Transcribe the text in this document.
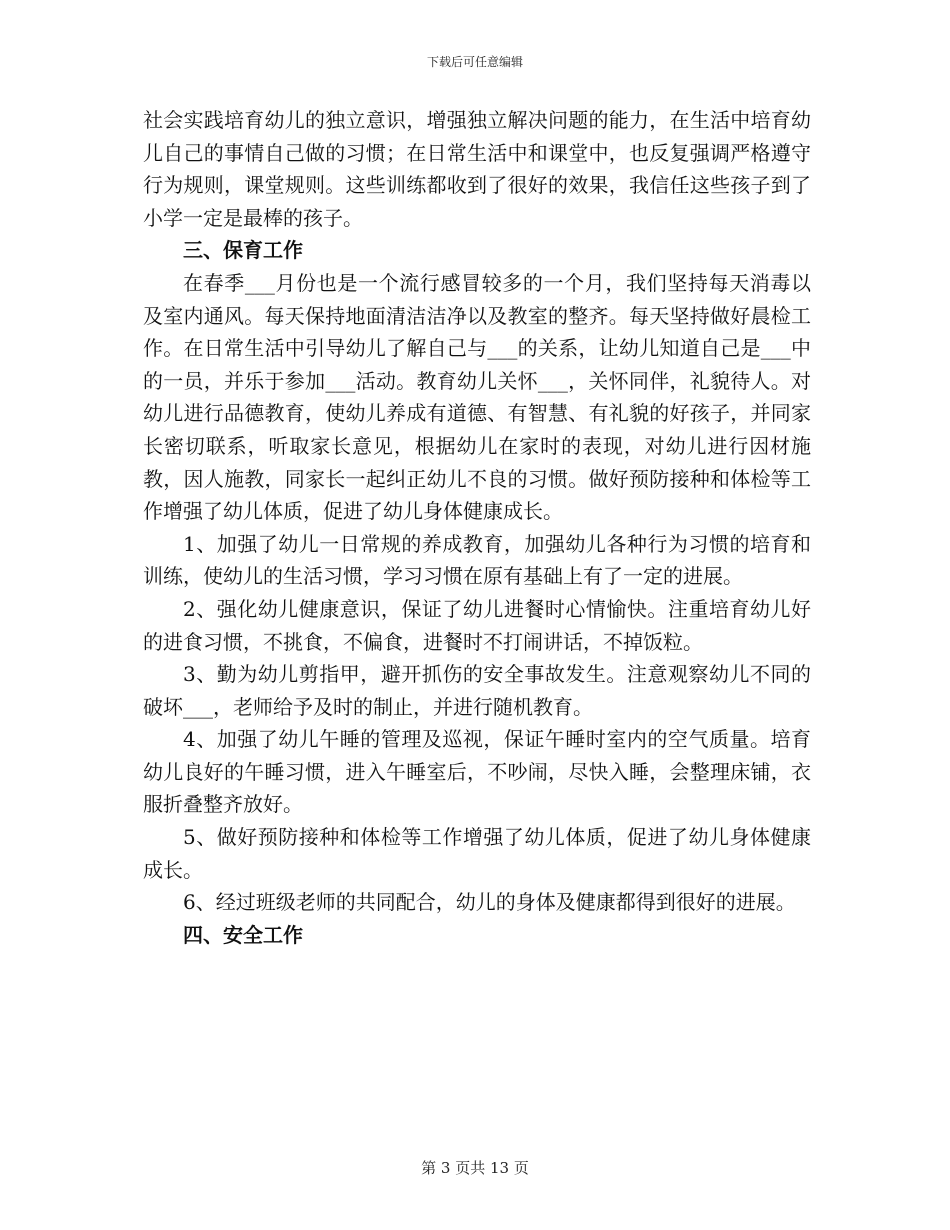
下载后可任意编辑

社会实践培育幼儿的独立意识，增强独立解决问题的能力，在生活中培育幼儿自己的事情自己做的习惯；在日常生活中和课堂中，也反复强调严格遵守行为规则，课堂规则。这些训练都收到了很好的效果，我信任这些孩子到了小学一定是最棒的孩子。

三、保育工作

在春季___月份也是一个流行感冒较多的一个月，我们坚持每天消毒以及室内通风。每天保持地面清洁洁净以及教室的整齐。每天坚持做好晨检工作。在日常生活中引导幼儿了解自己与___的关系，让幼儿知道自己是___中的一员，并乐于参加___活动。教育幼儿关怀___，关怀同伴，礼貌待人。对幼儿进行品德教育，使幼儿养成有道德、有智慧、有礼貌的好孩子，并同家长密切联系，听取家长意见，根据幼儿在家时的表现，对幼儿进行因材施教，因人施教，同家长一起纠正幼儿不良的习惯。做好预防接种和体检等工作增强了幼儿体质，促进了幼儿身体健康成长。

1、加强了幼儿一日常规的养成教育，加强幼儿各种行为习惯的培育和训练，使幼儿的生活习惯，学习习惯在原有基础上有了一定的进展。

2、强化幼儿健康意识，保证了幼儿进餐时心情愉快。注重培育幼儿好的进食习惯，不挑食，不偏食，进餐时不打闹讲话，不掉饭粒。

3、勤为幼儿剪指甲，避开抓伤的安全事故发生。注意观察幼儿不同的破坏___，老师给予及时的制止，并进行随机教育。

4、加强了幼儿午睡的管理及巡视，保证午睡时室内的空气质量。培育幼儿良好的午睡习惯，进入午睡室后，不吵闹，尽快入睡，会整理床铺，衣服折叠整齐放好。

5、做好预防接种和体检等工作增强了幼儿体质，促进了幼儿身体健康成长。

6、经过班级老师的共同配合，幼儿的身体及健康都得到很好的进展。

四、安全工作
第 3 页共 13 页
